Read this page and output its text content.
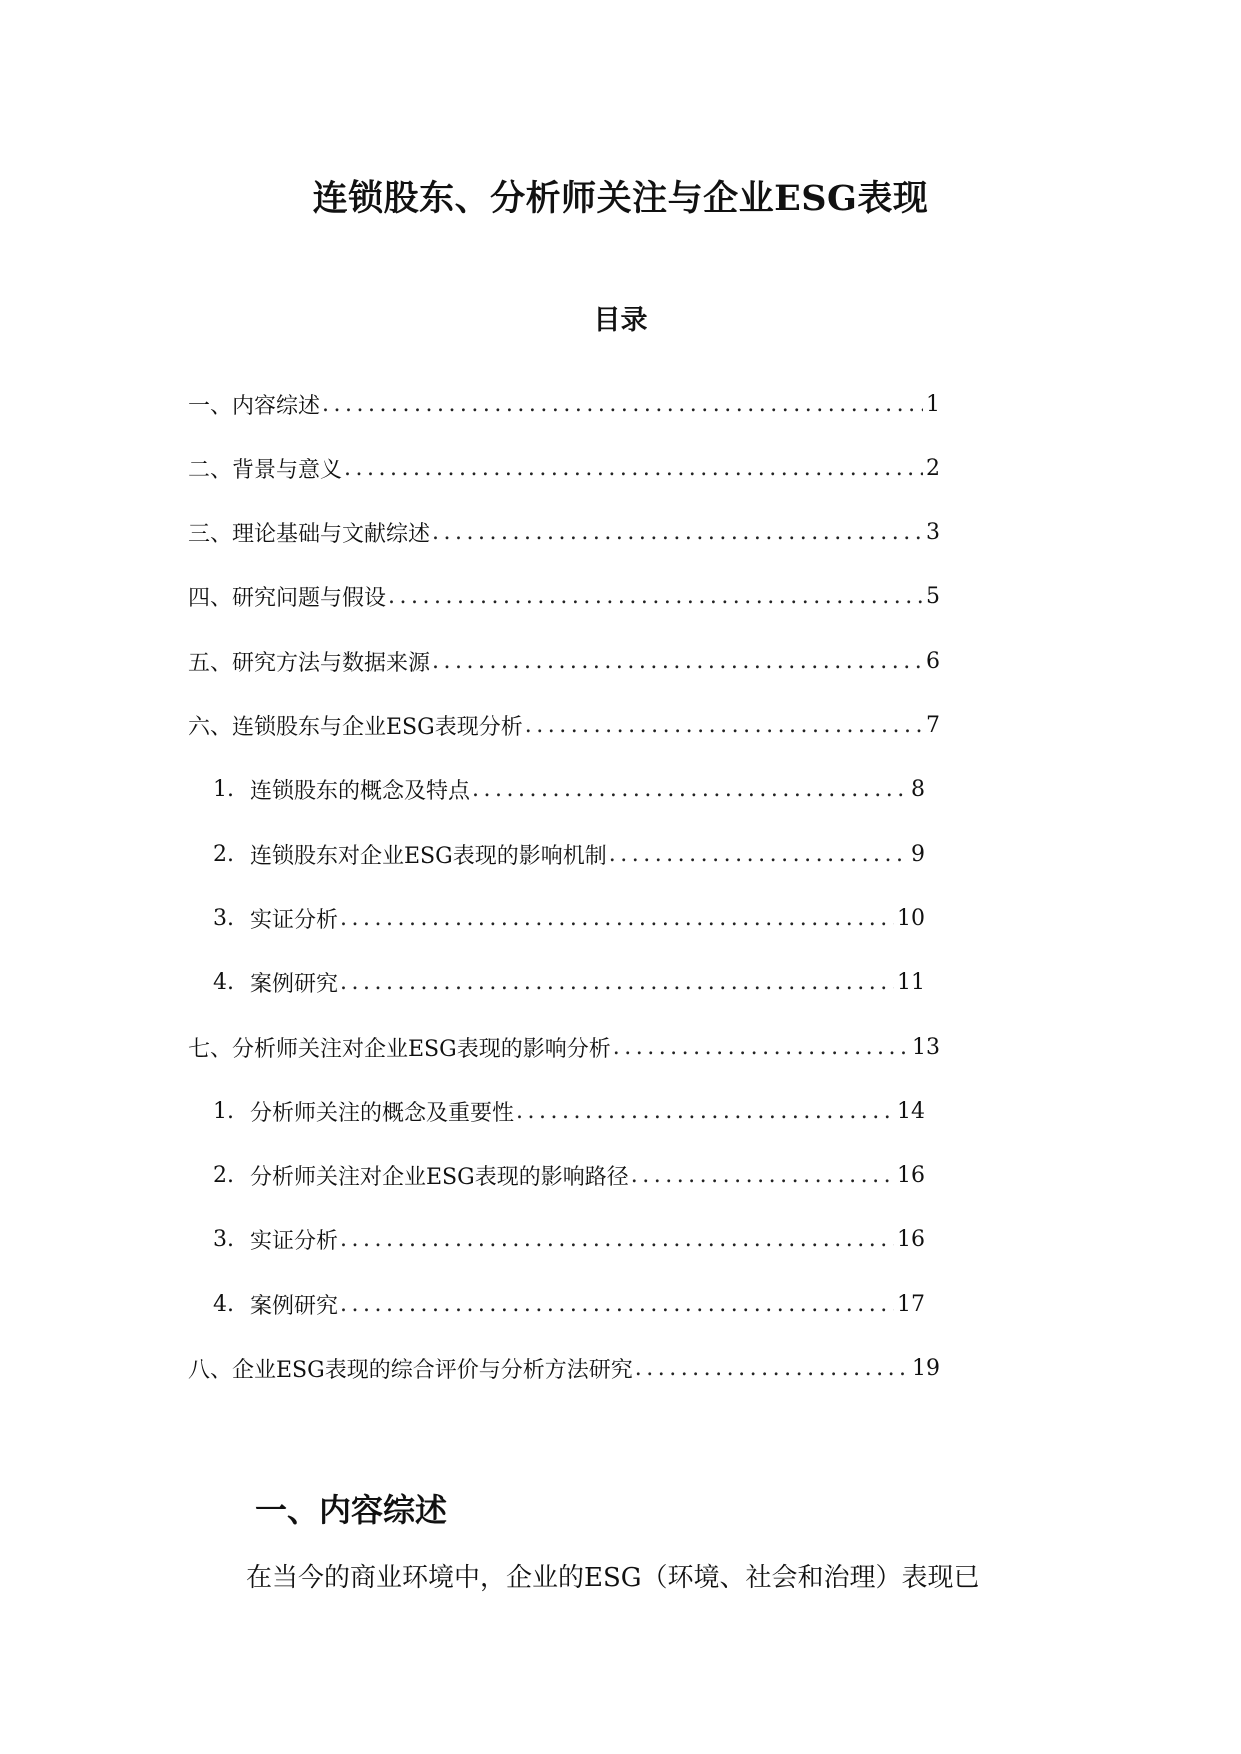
连锁股东、分析师关注与企业ESG表现
目录
一、内容综述 .....	1
二、背景与意义 .....	2
三、理论基础与文献综述 .....	3
四、研究问题与假设 .....	5
五、研究方法与数据来源 .....	6
六、连锁股东与企业ESG表现分析 .....	7
1. 连锁股东的概念及特点 .....	8
2. 连锁股东对企业ESG表现的影响机制 .....	9
3. 实证分析 .....	10
4. 案例研究 .....	11
七、分析师关注对企业ESG表现的影响分析 .....	13
1. 分析师关注的概念及重要性 .....	14
2. 分析师关注对企业ESG表现的影响路径 .....	16
3. 实证分析 .....	16
4. 案例研究 .....	17
八、企业ESG表现的综合评价与分析方法研究 .....	19
一、内容综述

在当今的商业环境中，企业的ESG（环境、社会和治理）表现已
